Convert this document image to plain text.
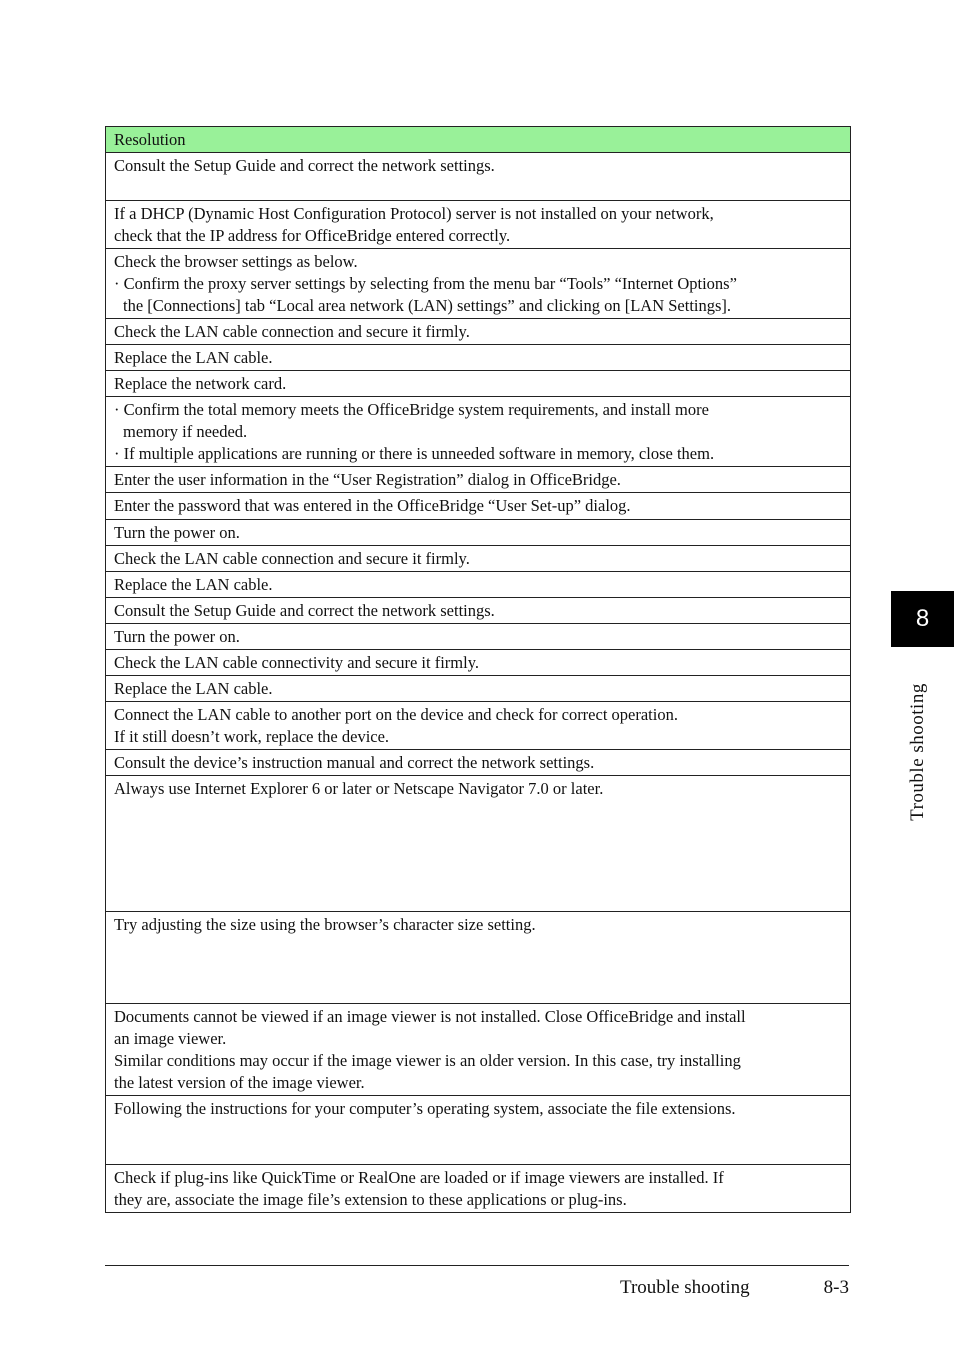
Resolution

Consult the Setup Guide and correct the network settings.

If a DHCP (Dynamic Host Configuration Protocol) server is not installed on your network,
check that the IP address for OfficeBridge entered correctly.

Check the browser settings as below.
· Confirm the proxy server settings by selecting from the menu bar “Tools” “Internet Options”
the [Connections] tab “Local area network (LAN) settings” and clicking on [LAN Settings].

Check the LAN cable connection and secure it firmly.

Replace the LAN cable.

Replace the network card.

· Confirm the total memory meets the OfficeBridge system requirements, and install more
memory if needed.
· If multiple applications are running or there is unneeded software in memory, close them.

Enter the user information in the “User Registration” dialog in OfficeBridge.

Enter the password that was entered in the OfficeBridge “User Set-up” dialog.

Turn the power on.

Check the LAN cable connection and secure it firmly.

Replace the LAN cable.

Consult the Setup Guide and correct the network settings.

Turn the power on.

Check the LAN cable connectivity and secure it firmly.

Replace the LAN cable.

Connect the LAN cable to another port on the device and check for correct operation.
If it still doesn’t work, replace the device.

Consult the device’s instruction manual and correct the network settings.

Always use Internet Explorer 6 or later or Netscape Navigator 7.0 or later.

Try adjusting the size using the browser’s character size setting.

Documents cannot be viewed if an image viewer is not installed. Close OfficeBridge and install
an image viewer.
Similar conditions may occur if the image viewer is an older version. In this case, try installing
the latest version of the image viewer.

Following the instructions for your computer’s operating system, associate the file extensions.

Check if plug-ins like QuickTime or RealOne are loaded or if image viewers are installed. If
they are, associate the image file’s extension to these applications or plug-ins.
8
Trouble shooting
Trouble shooting	8-3
